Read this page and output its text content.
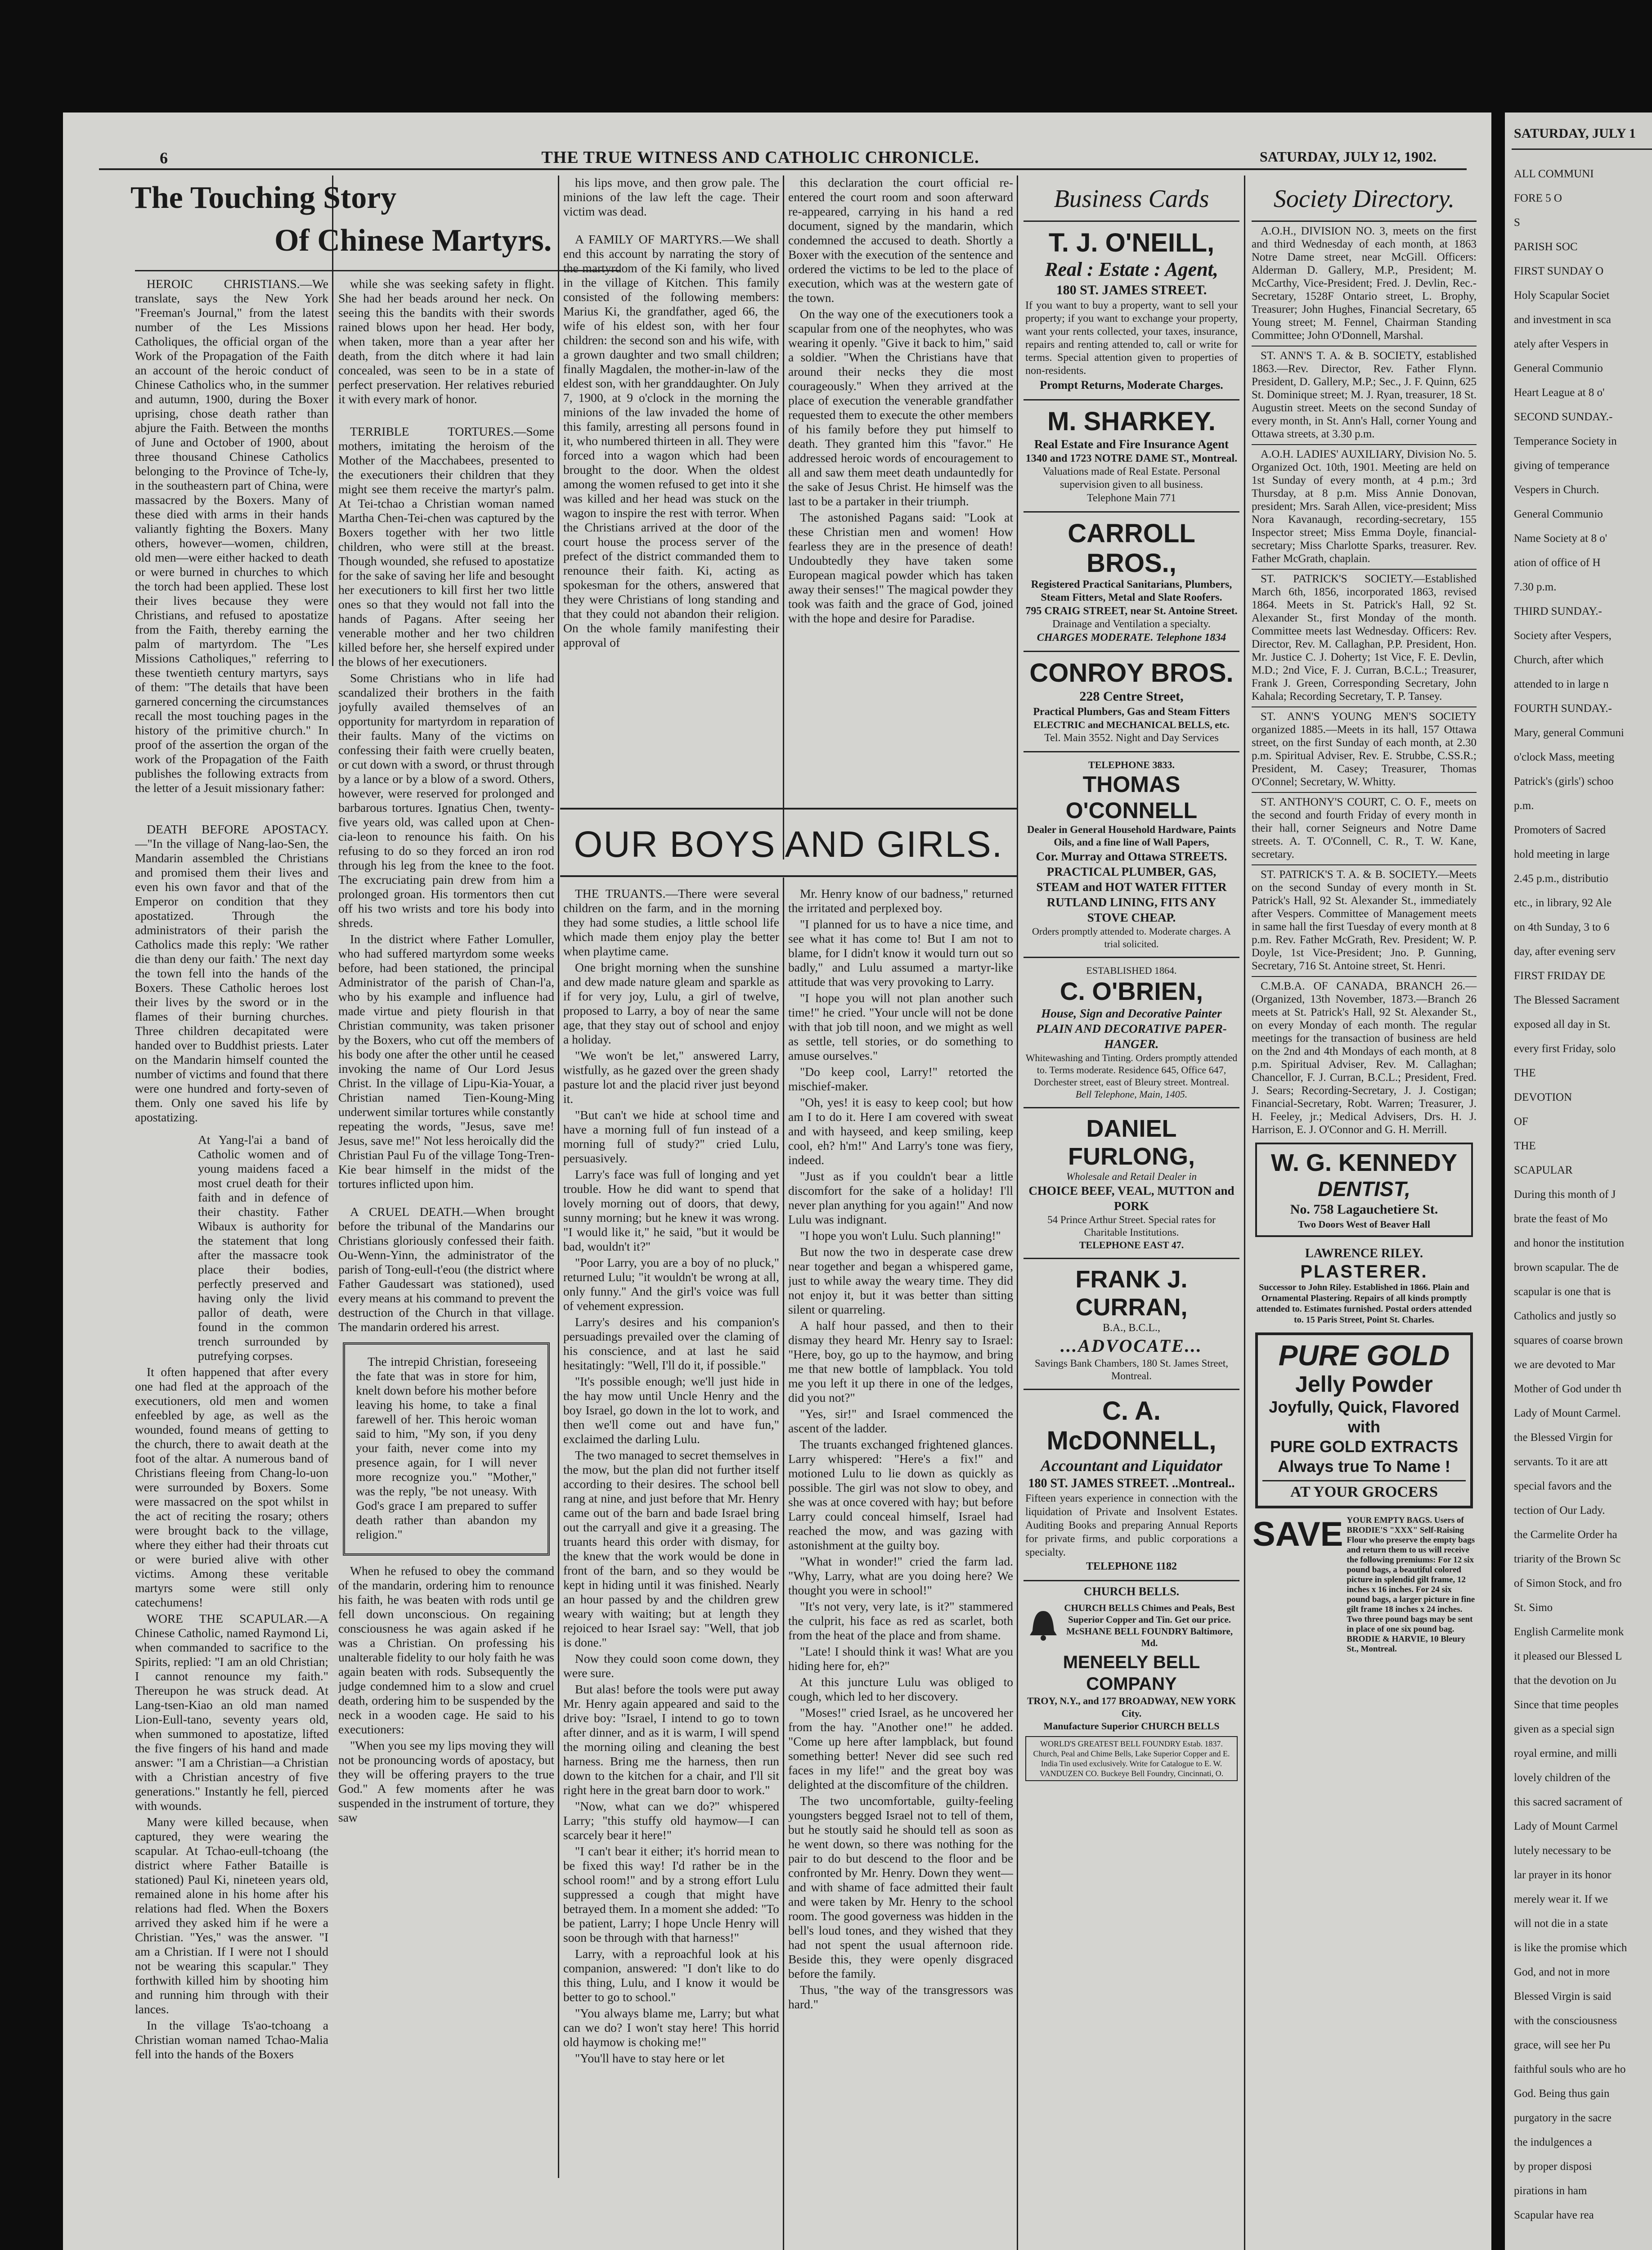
6	THE TRUE WITNESS AND CATHOLIC CHRONICLE.	SATURDAY, JULY 12, 1902.
The Touching Story
Of Chinese Martyrs.

HEROIC CHRISTIANS.—We translate, says the New York "Freeman's Journal," from the latest number of the Les Missions Catholiques, the official organ of the Work of the Propagation of the Faith an account of the heroic conduct of Chinese Catholics who, in the summer and autumn, 1900, during the Boxer uprising, chose death rather than abjure the Faith. Between the months of June and October of 1900, about three thousand Chinese Catholics belonging to the Province of Tche-ly, in the southeastern part of China, were massacred by the Boxers. Many of these died with arms in their hands valiantly fighting the Boxers. Many others, however—women, children, old men—were either hacked to death or were burned in churches to which the torch had been applied. These lost their lives because they were Christians, and refused to apostatize from the Faith, thereby earning the palm of martyrdom. The "Les Missions Catholiques," referring to these twentieth century martyrs, says of them: "The details that have been garnered concerning the circumstances recall the most touching pages in the history of the primitive church." In proof of the assertion the organ of the work of the Propagation of the Faith publishes the following extracts from the letter of a Jesuit missionary father:

DEATH BEFORE APOSTACY.—"In the village of Nang-lao-Sen, the Mandarin assembled the Christians and promised them their lives and even his own favor and that of the Emperor on condition that they apostatized. Through the administrators of their parish the Catholics made this reply: 'We rather die than deny our faith.' The next day the town fell into the hands of the Boxers. These Catholic heroes lost their lives by the sword or in the flames of their burning churches. Three children decapitated were handed over to Buddhist priests. Later on the Mandarin himself counted the number of victims and found that there were one hundred and forty-seven of them. Only one saved his life by apostatizing.

At Yang-l'ai a band of Catholic women and of young maidens faced a most cruel death for their faith and in defence of their chastity. Father Wibaux is authority for the statement that long after the massacre took place their bodies, perfectly preserved and having only the livid pallor of death, were found in the common trench surrounded by putrefying corpses.

It often happened that after every one had fled at the approach of the executioners, old men and women enfeebled by age, as well as the wounded, found means of getting to the church, there to await death at the foot of the altar. A numerous band of Christians fleeing from Chang-lo-uon were surrounded by Boxers. Some were massacred on the spot whilst in the act of reciting the rosary; others were brought back to the village, where they either had their throats cut or were buried alive with other victims. Among these veritable martyrs some were still only catechumens!

WORE THE SCAPULAR.—A Chinese Catholic, named Raymond Li, when commanded to sacrifice to the Spirits, replied: "I am an old Christian; I cannot renounce my faith." Thereupon he was struck dead. At Lang-tsen-Kiao an old man named Lion-Eull-tano, seventy years old, when summoned to apostatize, lifted the five fingers of his hand and made answer: "I am a Christian—a Christian with a Christian ancestry of five generations." Instantly he fell, pierced with wounds.

Many were killed because, when captured, they were wearing the scapular. At Tchao-eull-tchoang (the district where Father Bataille is stationed) Paul Ki, nineteen years old, remained alone in his home after his relations had fled. When the Boxers arrived they asked him if he were a Christian. "Yes," was the answer. "I am a Christian. If I were not I should not be wearing this scapular." They forthwith killed him by shooting him and running him through with their lances.

In the village Ts'ao-tchoang a Christian woman named Tchao-Malia fell into the hands of the Boxers

while she was seeking safety in flight. She had her beads around her neck. On seeing this the bandits with their swords rained blows upon her head. Her body, when taken, more than a year after her death, from the ditch where it had lain concealed, was seen to be in a state of perfect preservation. Her relatives reburied it with every mark of honor.

TERRIBLE TORTURES.—Some mothers, imitating the heroism of the Mother of the Macchabees, presented to the executioners their children that they might see them receive the martyr's palm. At Tei-tchao a Christian woman named Martha Chen-Tei-chen was captured by the Boxers together with her two little children, who were still at the breast. Though wounded, she refused to apostatize for the sake of saving her life and besought her executioners to kill first her two little ones so that they would not fall into the hands of Pagans. After seeing her venerable mother and her two children killed before her, she herself expired under the blows of her executioners.

Some Christians who in life had scandalized their brothers in the faith joyfully availed themselves of an opportunity for martyrdom in reparation of their faults. Many of the victims on confessing their faith were cruelly beaten, or cut down with a sword, or thrust through by a lance or by a blow of a sword. Others, however, were reserved for prolonged and barbarous tortures. Ignatius Chen, twenty-five years old, was called upon at Chen-cia-leon to renounce his faith. On his refusing to do so they forced an iron rod through his leg from the knee to the foot. The excruciating pain drew from him a prolonged groan. His tormentors then cut off his two wrists and tore his body into shreds.

In the district where Father Lomuller, who had suffered martyrdom some weeks before, had been stationed, the principal Administrator of the parish of Chan-l'a, who by his example and influence had made virtue and piety flourish in that Christian community, was taken prisoner by the Boxers, who cut off the members of his body one after the other until he ceased invoking the name of Our Lord Jesus Christ. In the village of Lipu-Kia-Youar, a Christian named Tien-Koung-Ming underwent similar tortures while constantly repeating the words, "Jesus, save me! Jesus, save me!" Not less heroically did the Christian Paul Fu of the village Tong-Tren-Kie bear himself in the midst of the tortures inflicted upon him.

A CRUEL DEATH.—When brought before the tribunal of the Mandarins our Christians gloriously confessed their faith. Ou-Wenn-Yinn, the administrator of the parish of Tong-eull-t'eou (the district where Father Gaudessart was stationed), used every means at his command to prevent the destruction of the Church in that village. The mandarin ordered his arrest.

The intrepid Christian, foreseeing the fate that was in store for him, knelt down before his mother before leaving his home, to take a final farewell of her. This heroic woman said to him, "My son, if you deny your faith, never come into my presence again, for I will never more recognize you." "Mother," was the reply, "be not uneasy. With God's grace I am prepared to suffer death rather than abandon my religion."

When he refused to obey the command of the mandarin, ordering him to renounce his faith, he was beaten with rods until ge fell down unconscious. On regaining consciousness he was again asked if he was a Christian. On professing his unalterable fidelity to our holy faith he was again beaten with rods. Subsequently the judge condemned him to a slow and cruel death, ordering him to be suspended by the neck in a wooden cage. He said to his executioners:

"When you see my lips moving they will not be pronouncing words of apostacy, but they will be offering prayers to the true God." A few moments after he was suspended in the instrument of torture, they saw

his lips move, and then grow pale. The minions of the law left the cage. Their victim was dead.

A FAMILY OF MARTYRS.—We shall end this account by narrating the story of the martyrdom of the Ki family, who lived in the village of Kitchen. This family consisted of the following members: Marius Ki, the grandfather, aged 66, the wife of his eldest son, with her four children: the second son and his wife, with a grown daughter and two small children; finally Magdalen, the mother-in-law of the eldest son, with her granddaughter. On July 7, 1900, at 9 o'clock in the morning the minions of the law invaded the home of this family, arresting all persons found in it, who numbered thirteen in all. They were forced into a wagon which had been brought to the door. When the oldest among the women refused to get into it she was killed and her head was stuck on the wagon to inspire the rest with terror. When the Christians arrived at the door of the court house the process server of the prefect of the district commanded them to renounce their faith. Ki, acting as spokesman for the others, answered that they were Christians of long standing and that they could not abandon their religion. On the whole family manifesting their approval of

this declaration the court official re-entered the court room and soon afterward re-appeared, carrying in his hand a red document, signed by the mandarin, which condemned the accused to death. Shortly a Boxer with the execution of the sentence and ordered the victims to be led to the place of execution, which was at the western gate of the town.

On the way one of the executioners took a scapular from one of the neophytes, who was wearing it openly. "Give it back to him," said a soldier. "When the Christians have that around their necks they die most courageously." When they arrived at the place of execution the venerable grandfather requested them to execute the other members of his family before they put himself to death. They granted him this "favor." He addressed heroic words of encouragement to all and saw them meet death undauntedly for the sake of Jesus Christ. He himself was the last to be a partaker in their triumph.

The astonished Pagans said: "Look at these Christian men and women! How fearless they are in the presence of death! Undoubtedly they have taken some European magical powder which has taken away their senses!" The magical powder they took was faith and the grace of God, joined with the hope and desire for Paradise.

OUR BOYS AND GIRLS.

THE TRUANTS.—There were several children on the farm, and in the morning they had some studies, a little school life which made them enjoy play the better when playtime came.

One bright morning when the sunshine and dew made nature gleam and sparkle as if for very joy, Lulu, a girl of twelve, proposed to Larry, a boy of near the same age, that they stay out of school and enjoy a holiday.

"We won't be let," answered Larry, wistfully, as he gazed over the green shady pasture lot and the placid river just beyond it.

"But can't we hide at school time and have a morning full of fun instead of a morning full of study?" cried Lulu, persuasively.

Larry's face was full of longing and yet trouble. How he did want to spend that lovely morning out of doors, that dewy, sunny morning; but he knew it was wrong. "I would like it," he said, "but it would be bad, wouldn't it?"

"Poor Larry, you are a boy of no pluck," returned Lulu; "it wouldn't be wrong at all, only funny." And the girl's voice was full of vehement expression.

Larry's desires and his companion's persuadings prevailed over the claming of his conscience, and at last he said hesitatingly: "Well, I'll do it, if possible."

"It's possible enough; we'll just hide in the hay mow until Uncle Henry and the boy Israel, go down in the lot to work, and then we'll come out and have fun," exclaimed the darling Lulu.

The two managed to secret themselves in the mow, but the plan did not further itself according to their desires. The school bell rang at nine, and just before that Mr. Henry came out of the barn and bade Israel bring out the carryall and give it a greasing. The truants heard this order with dismay, for the knew that the work would be done in front of the barn, and so they would be kept in hiding until it was finished. Nearly an hour passed by and the children grew weary with waiting; but at length they rejoiced to hear Israel say: "Well, that job is done."

Now they could soon come down, they were sure.

But alas! before the tools were put away Mr. Henry again appeared and said to the drive boy: "Israel, I intend to go to town after dinner, and as it is warm, I will spend the morning oiling and cleaning the best harness. Bring me the harness, then run down to the kitchen for a chair, and I'll sit right here in the great barn door to work."

"Now, what can we do?" whispered Larry; "this stuffy old haymow—I can scarcely bear it here!"

"I can't bear it either; it's horrid mean to be fixed this way! I'd rather be in the school room!" and by a strong effort Lulu suppressed a cough that might have betrayed them. In a moment she added: "To be patient, Larry; I hope Uncle Henry will soon be through with that harness!"

Larry, with a reproachful look at his companion, answered: "I don't like to do this thing, Lulu, and I know it would be better to go to school."

"You always blame me, Larry; but what can we do? I won't stay here! This horrid old haymow is choking me!"

"You'll have to stay here or let

Mr. Henry know of our badness," returned the irritated and perplexed boy.

"I planned for us to have a nice time, and see what it has come to! But I am not to blame, for I didn't know it would turn out so badly," and Lulu assumed a martyr-like attitude that was very provoking to Larry.

"I hope you will not plan another such time!" he cried. "Your uncle will not be done with that job till noon, and we might as well as settle, tell stories, or do something to amuse ourselves."

"Do keep cool, Larry!" retorted the mischief-maker.

"Oh, yes! it is easy to keep cool; but how am I to do it. Here I am covered with sweat and with hayseed, and keep smiling, keep cool, eh? h'm!" And Larry's tone was fiery, indeed.

"Just as if you couldn't bear a little discomfort for the sake of a holiday! I'll never plan anything for you again!" And now Lulu was indignant.

"I hope you won't Lulu. Such planning!"

But now the two in desperate case drew near together and began a whispered game, just to while away the weary time. They did not enjoy it, but it was better than sitting silent or quarreling.

A half hour passed, and then to their dismay they heard Mr. Henry say to Israel: "Here, boy, go up to the haymow, and bring me that new bottle of lampblack. You told me you left it up there in one of the ledges, did you not?"

"Yes, sir!" and Israel commenced the ascent of the ladder.

The truants exchanged frightened glances. Larry whispered: "Here's a fix!" and motioned Lulu to lie down as quickly as possible. The girl was not slow to obey, and she was at once covered with hay; but before Larry could conceal himself, Israel had reached the mow, and was gazing with astonishment at the guilty boy.

"What in wonder!" cried the farm lad. "Why, Larry, what are you doing here? We thought you were in school!"

"It's not very, very late, is it?" stammered the culprit, his face as red as scarlet, both from the heat of the place and from shame.

"Late! I should think it was! What are you hiding here for, eh?"

At this juncture Lulu was obliged to cough, which led to her discovery.

"Moses!" cried Israel, as he uncovered her from the hay. "Another one!" he added. "Come up here after lampblack, but found something better! Never did see such red faces in my life!" and the great boy was delighted at the discomfiture of the children.

The two uncomfortable, guilty-feeling youngsters begged Israel not to tell of them, but he stoutly said he should tell as soon as he went down, so there was nothing for the pair to do but descend to the floor and be confronted by Mr. Henry. Down they went—and with shame of face admitted their fault and were taken by Mr. Henry to the school room. The good governess was hidden in the bell's loud tones, and they wished that they had not spent the usual afternoon ride. Beside this, they were openly disgraced before the family.

Thus, "the way of the transgressors was hard."

Business Cards
T. J. O'NEILL,
Real : Estate : Agent,
180 ST. JAMES STREET.
If you want to buy a property, want to sell your property; if you want to exchange your property, want your rents collected, your taxes, insurance, repairs and renting attended to, call or write for terms. Special attention given to properties of non-residents.
Prompt Returns, Moderate Charges.
M. SHARKEY.
Real Estate and Fire Insurance Agent
1340 and 1723 NOTRE DAME ST., Montreal.
Valuations made of Real Estate. Personal supervision given to all business.
Telephone Main 771
CARROLL BROS.,
Registered Practical Sanitarians, Plumbers, Steam Fitters, Metal and Slate Roofers.
795 CRAIG STREET, near St. Antoine Street.
Drainage and Ventilation a specialty.
CHARGES MODERATE. Telephone 1834
CONROY BROS.
228 Centre Street,
Practical Plumbers, Gas and Steam Fitters
ELECTRIC and MECHANICAL BELLS, etc.
Tel. Main 3552. Night and Day Services
TELEPHONE 3833.
THOMAS O'CONNELL
Dealer in General Household Hardware, Paints Oils, and a fine line of Wall Papers,
Cor. Murray and Ottawa STREETS. PRACTICAL PLUMBER, GAS, STEAM and HOT WATER FITTER RUTLAND LINING, FITS ANY STOVE CHEAP.
Orders promptly attended to. Moderate charges. A trial solicited.
ESTABLISHED 1864.
C. O'BRIEN,
House, Sign and Decorative Painter PLAIN AND DECORATIVE PAPER-HANGER.
Whitewashing and Tinting. Orders promptly attended to. Terms moderate. Residence 645, Office 647, Dorchester street, east of Bleury street. Montreal.
Bell Telephone, Main, 1405.
DANIEL FURLONG,
Wholesale and Retail Dealer in
CHOICE BEEF, VEAL, MUTTON and PORK
54 Prince Arthur Street. Special rates for Charitable Institutions.
TELEPHONE EAST 47.
FRANK J. CURRAN,
B.A., B.C.L.,
...ADVOCATE...
Savings Bank Chambers, 180 St. James Street, Montreal.
C. A. McDONNELL,
Accountant and Liquidator
180 ST. JAMES STREET. ..Montreal..
Fifteen years experience in connection with the liquidation of Private and Insolvent Estates. Auditing Books and preparing Annual Reports for private firms, and public corporations a specialty.
TELEPHONE 1182
CHURCH BELLS.
CHURCH BELLS Chimes and Peals, Best Superior Copper and Tin. Get our price. McSHANE BELL FOUNDRY Baltimore, Md.
MENEELY BELL COMPANY
TROY, N.Y., and 177 BROADWAY, NEW YORK City.
Manufacture Superior CHURCH BELLS
WORLD'S GREATEST BELL FOUNDRY Estab. 1837. Church, Peal and Chime Bells, Lake Superior Copper and E. India Tin used exclusively. Write for Catalogue to E. W. VANDUZEN CO. Buckeye Bell Foundry, Cincinnati, O.
Society Directory.

A.O.H., DIVISION NO. 3, meets on the first and third Wednesday of each month, at 1863 Notre Dame street, near McGill. Officers: Alderman D. Gallery, M.P., President; M. McCarthy, Vice-President; Fred. J. Devlin, Rec.-Secretary, 1528F Ontario street, L. Brophy, Treasurer; John Hughes, Financial Secretary, 65 Young street; M. Fennel, Chairman Standing Committee; John O'Donnell, Marshal.

ST. ANN'S T. A. & B. SOCIETY, established 1863.—Rev. Director, Rev. Father Flynn. President, D. Gallery, M.P.; Sec., J. F. Quinn, 625 St. Dominique street; M. J. Ryan, treasurer, 18 St. Augustin street. Meets on the second Sunday of every month, in St. Ann's Hall, corner Young and Ottawa streets, at 3.30 p.m.

A.O.H. LADIES' AUXILIARY, Division No. 5. Organized Oct. 10th, 1901. Meeting are held on 1st Sunday of every month, at 4 p.m.; 3rd Thursday, at 8 p.m. Miss Annie Donovan, president; Mrs. Sarah Allen, vice-president; Miss Nora Kavanaugh, recording-secretary, 155 Inspector street; Miss Emma Doyle, financial-secretary; Miss Charlotte Sparks, treasurer. Rev. Father McGrath, chaplain.

ST. PATRICK'S SOCIETY.—Established March 6th, 1856, incorporated 1863, revised 1864. Meets in St. Patrick's Hall, 92 St. Alexander St., first Monday of the month. Committee meets last Wednesday. Officers: Rev. Director, Rev. M. Callaghan, P.P. President, Hon. Mr. Justice C. J. Doherty; 1st Vice, F. E. Devlin, M.D.; 2nd Vice, F. J. Curran, B.C.L.; Treasurer, Frank J. Green, Corresponding Secretary, John Kahala; Recording Secretary, T. P. Tansey.

ST. ANN'S YOUNG MEN'S SOCIETY organized 1885.—Meets in its hall, 157 Ottawa street, on the first Sunday of each month, at 2.30 p.m. Spiritual Adviser, Rev. E. Strubbe, C.SS.R.; President, M. Casey; Treasurer, Thomas O'Connel; Secretary, W. Whitty.

ST. ANTHONY'S COURT, C. O. F., meets on the second and fourth Friday of every month in their hall, corner Seigneurs and Notre Dame streets. A. T. O'Connell, C. R., T. W. Kane, secretary.

ST. PATRICK'S T. A. & B. SOCIETY.—Meets on the second Sunday of every month in St. Patrick's Hall, 92 St. Alexander St., immediately after Vespers. Committee of Management meets in same hall the first Tuesday of every month at 8 p.m. Rev. Father McGrath, Rev. President; W. P. Doyle, 1st Vice-President; Jno. P. Gunning, Secretary, 716 St. Antoine street, St. Henri.

C.M.B.A. OF CANADA, BRANCH 26.—(Organized, 13th November, 1873.—Branch 26 meets at St. Patrick's Hall, 92 St. Alexander St., on every Monday of each month. The regular meetings for the transaction of business are held on the 2nd and 4th Mondays of each month, at 8 p.m. Spiritual Adviser, Rev. M. Callaghan; Chancellor, F. J. Curran, B.C.L.; President, Fred. J. Sears; Recording-Secretary, J. J. Costigan; Financial-Secretary, Robt. Warren; Treasurer, J. H. Feeley, jr.; Medical Advisers, Drs. H. J. Harrison, E. J. O'Connor and G. H. Merrill.

W. G. KENNEDY
DENTIST,
No. 758 Lagauchetiere St.
Two Doors West of Beaver Hall
LAWRENCE RILEY.
PLASTERER.
Successor to John Riley. Established in 1866. Plain and Ornamental Plastering. Repairs of all kinds promptly attended to. Estimates furnished. Postal orders attended to. 15 Paris Street, Point St. Charles.
PURE GOLD
Jelly Powder
Joyfully, Quick, Flavored with
PURE GOLD EXTRACTS
Always true To Name !
AT YOUR GROCERS
SAVE YOUR EMPTY BAGS. Users of BRODIE'S "XXX" Self-Raising Flour who preserve the empty bags and return them to us will receive the following premiums: For 12 six pound bags, a beautiful colored picture in splendid gilt frame, 12 inches x 16 inches. For 24 six pound bags, a larger picture in fine gilt frame 18 inches x 24 inches. Two three pound bags may be sent in place of one six pound bag. BRODIE & HARVIE, 10 Bleury St., Montreal.
SATURDAY, JULY 1
ALL COMMUNI
FORE 5 O
S
PARISH SOC
FIRST SUNDAY O
Holy Scapular Societ
and investment in sca
ately after Vespers in
General Communio
Heart League at 8 o'
SECOND SUNDAY.-
Temperance Society in
giving of temperance
Vespers in Church.
General Communio
Name Society at 8 o'
ation of office of H
7.30 p.m.
THIRD SUNDAY.-
Society after Vespers,
Church, after which
attended to in large n
FOURTH SUNDAY.-
Mary, general Communi
o'clock Mass, meeting
Patrick's (girls') schoo
p.m.
Promoters of Sacred
hold meeting in large
2.45 p.m., distributio
etc., in library, 92 Ale
on 4th Sunday, 3 to 6
day, after evening serv
FIRST FRIDAY DE
The Blessed Sacrament
exposed all day in St.
every first Friday, solo
THE
DEVOTION
OF
THE
SCAPULAR
During this month of J
brate the feast of Mo
and honor the institution
brown scapular. The de
scapular is one that is
Catholics and justly so
squares of coarse brown
we are devoted to Mar
Mother of God under th
Lady of Mount Carmel.
the Blessed Virgin for
servants. To it are att
special favors and the
tection of Our Lady.
the Carmelite Order ha
triarity of the Brown Sc
of Simon Stock, and fro
St. Simo
English Carmelite monk
it pleased our Blessed L
that the devotion on Ju
Since that time peoples
given as a special sign
royal ermine, and milli
lovely children of the
this sacred sacrament of
Lady of Mount Carmel
lutely necessary to be
lar prayer in its honor
merely wear it. If we
will not die in a state
is like the promise which
God, and not in more
Blessed Virgin is said
with the consciousness
grace, will see her Pu
faithful souls who are ho
God. Being thus gain
purgatory in the sacre
the indulgences a
by proper disposi
pirations in ham
Scapular have rea
